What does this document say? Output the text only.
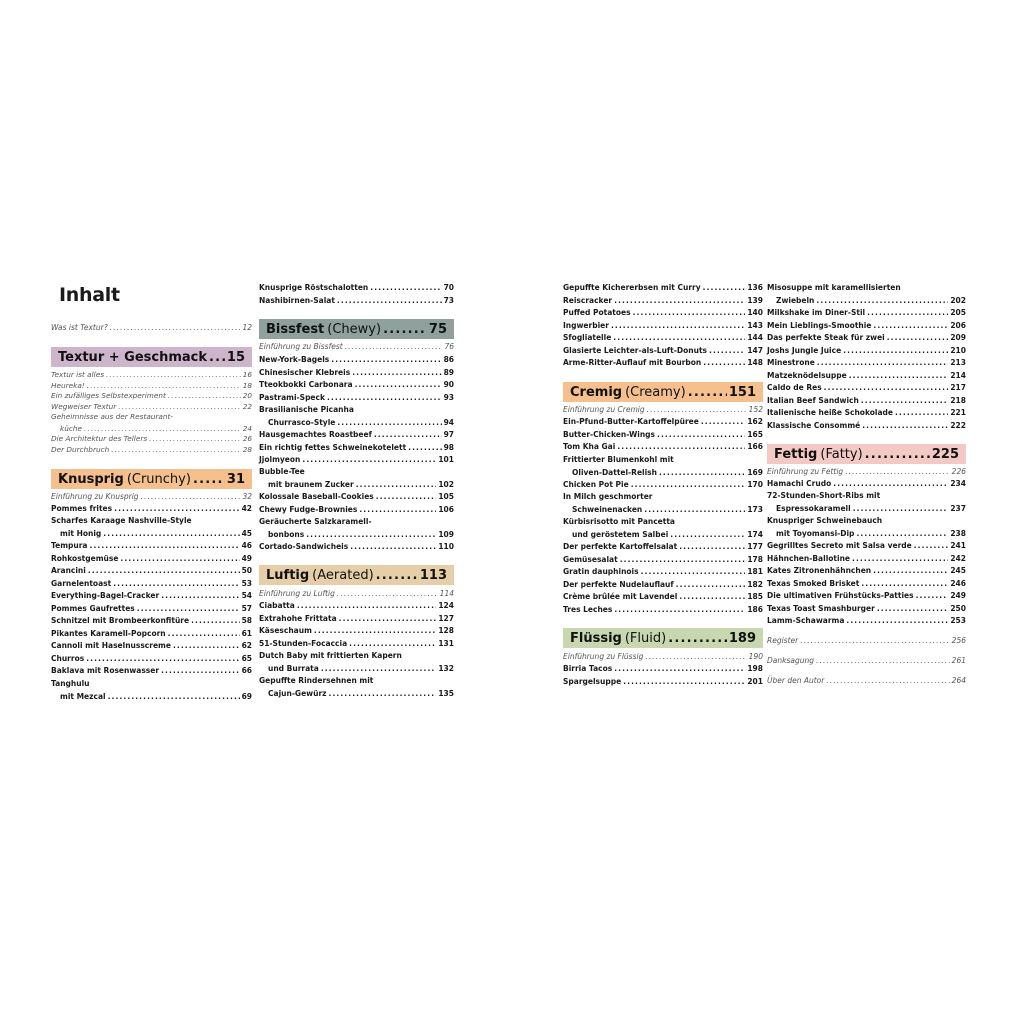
Inhalt
Was ist Textur? .....	12
Textur + Geschmack ..... 15
Textur ist alles .....	16
Heureka! .....	18
Ein zufälliges Selbstexperiment .....	20
Wegweiser Textur .....	22
Geheimnisse aus der Restaurant-
küche .....	24
Die Architektur des Tellers .....	26
Der Durchbruch .....	28
Knusprig (Crunchy) .....	31
Einführung zu Knusprig .....	32
Pommes frites .....	42
Scharfes Karaage Nashville-Style
mit Honig .....	45
Tempura .....	46
Rohkostgemüse .....	49
Arancini .....	50
Garnelentoast .....	53
Everything-Bagel-Cracker .....	54
Pommes Gaufrettes .....	57
Schnitzel mit Brombeerkonfitüre .....	58
Pikantes Karamell-Popcorn .....	61
Cannoli mit Haselnusscreme .....	62
Churros .....	65
Baklava mit Rosenwasser .....	66
Tanghulu
mit Mezcal .....	69
Knusprige Röstschalotten .....	70
Nashibirnen-Salat .....	73
Bissfest (Chewy) .....	75
Einführung zu Bissfest .....	76
New-York-Bagels .....	86
Chinesischer Klebreis .....	89
Tteokbokki Carbonara .....	90
Pastrami-Speck .....	93
Brasilianische Picanha
Churrasco-Style .....	94
Hausgemachtes Roastbeef .....	97
Ein richtig fettes Schweinekotelett .....	98
Jjolmyeon .....	101
Bubble-Tee
mit braunem Zucker .....	102
Kolossale Baseball-Cookies .....	105
Chewy Fudge-Brownies .....	106
Geräucherte Salzkaramell-
bonbons .....	109
Cortado-Sandwicheis .....	110
Luftig (Aerated) .....	113
Einführung zu Luftig .....	114
Ciabatta .....	124
Extrahohe Frittata .....	127
Käseschaum .....	128
51-Stunden-Focaccia .....	131
Dutch Baby mit frittierten Kapern
und Burrata .....	132
Gepuffte Rindersehnen mit
Cajun-Gewürz .....	135
Gepuffte Kichererbsen mit Curry .....	136
Reiscracker .....	139
Puffed Potatoes .....	140
Ingwerbier .....	143
Sfogliatelle .....	144
Glasierte Leichter-als-Luft-Donuts .....	147
Arme-Ritter-Auflauf mit Bourbon .....	148
Cremig (Creamy) .....	151
Einführung zu Cremig .....	152
Ein-Pfund-Butter-Kartoffelpüree .....	162
Butter-Chicken-Wings .....	165
Tom Kha Gai .....	166
Frittierter Blumenkohl mit
Oliven-Dattel-Relish .....	169
Chicken Pot Pie .....	170
In Milch geschmorter
Schweinenacken .....	173
Kürbisrisotto mit Pancetta
und geröstetem Salbei .....	174
Der perfekte Kartoffelsalat .....	177
Gemüsesalat .....	178
Gratin dauphinois .....	181
Der perfekte Nudelauflauf .....	182
Crème brûlée mit Lavendel .....	185
Tres Leches .....	186
Flüssig (Fluid) .....	189
Einführung zu Flüssig .....	190
Birria Tacos .....	198
Spargelsuppe .....	201
Misosuppe mit karamellisierten
Zwiebeln .....	202
Milkshake im Diner-Stil .....	205
Mein Lieblings-Smoothie .....	206
Das perfekte Steak für zwei .....	209
Joshs Jungle Juice .....	210
Minestrone .....	213
Matzeknödelsuppe .....	214
Caldo de Res .....	217
Italian Beef Sandwich .....	218
Italienische heiße Schokolade .....	221
Klassische Consommé .....	222
Fettig (Fatty) .....	225
Einführung zu Fettig .....	226
Hamachi Crudo .....	234
72-Stunden-Short-Ribs mit
Espressokaramell .....	237
Knuspriger Schweinebauch
mit Toyomansi-Dip .....	238
Gegrilltes Secreto mit Salsa verde .....	241
Hähnchen-Ballotine .....	242
Kates Zitronenhähnchen .....	245
Texas Smoked Brisket .....	246
Die ultimativen Frühstücks-Patties .....	249
Texas Toast Smashburger .....	250
Lamm-Schawarma .....	253
Register .....	256
Danksagung .....	261
Über den Autor .....	264
